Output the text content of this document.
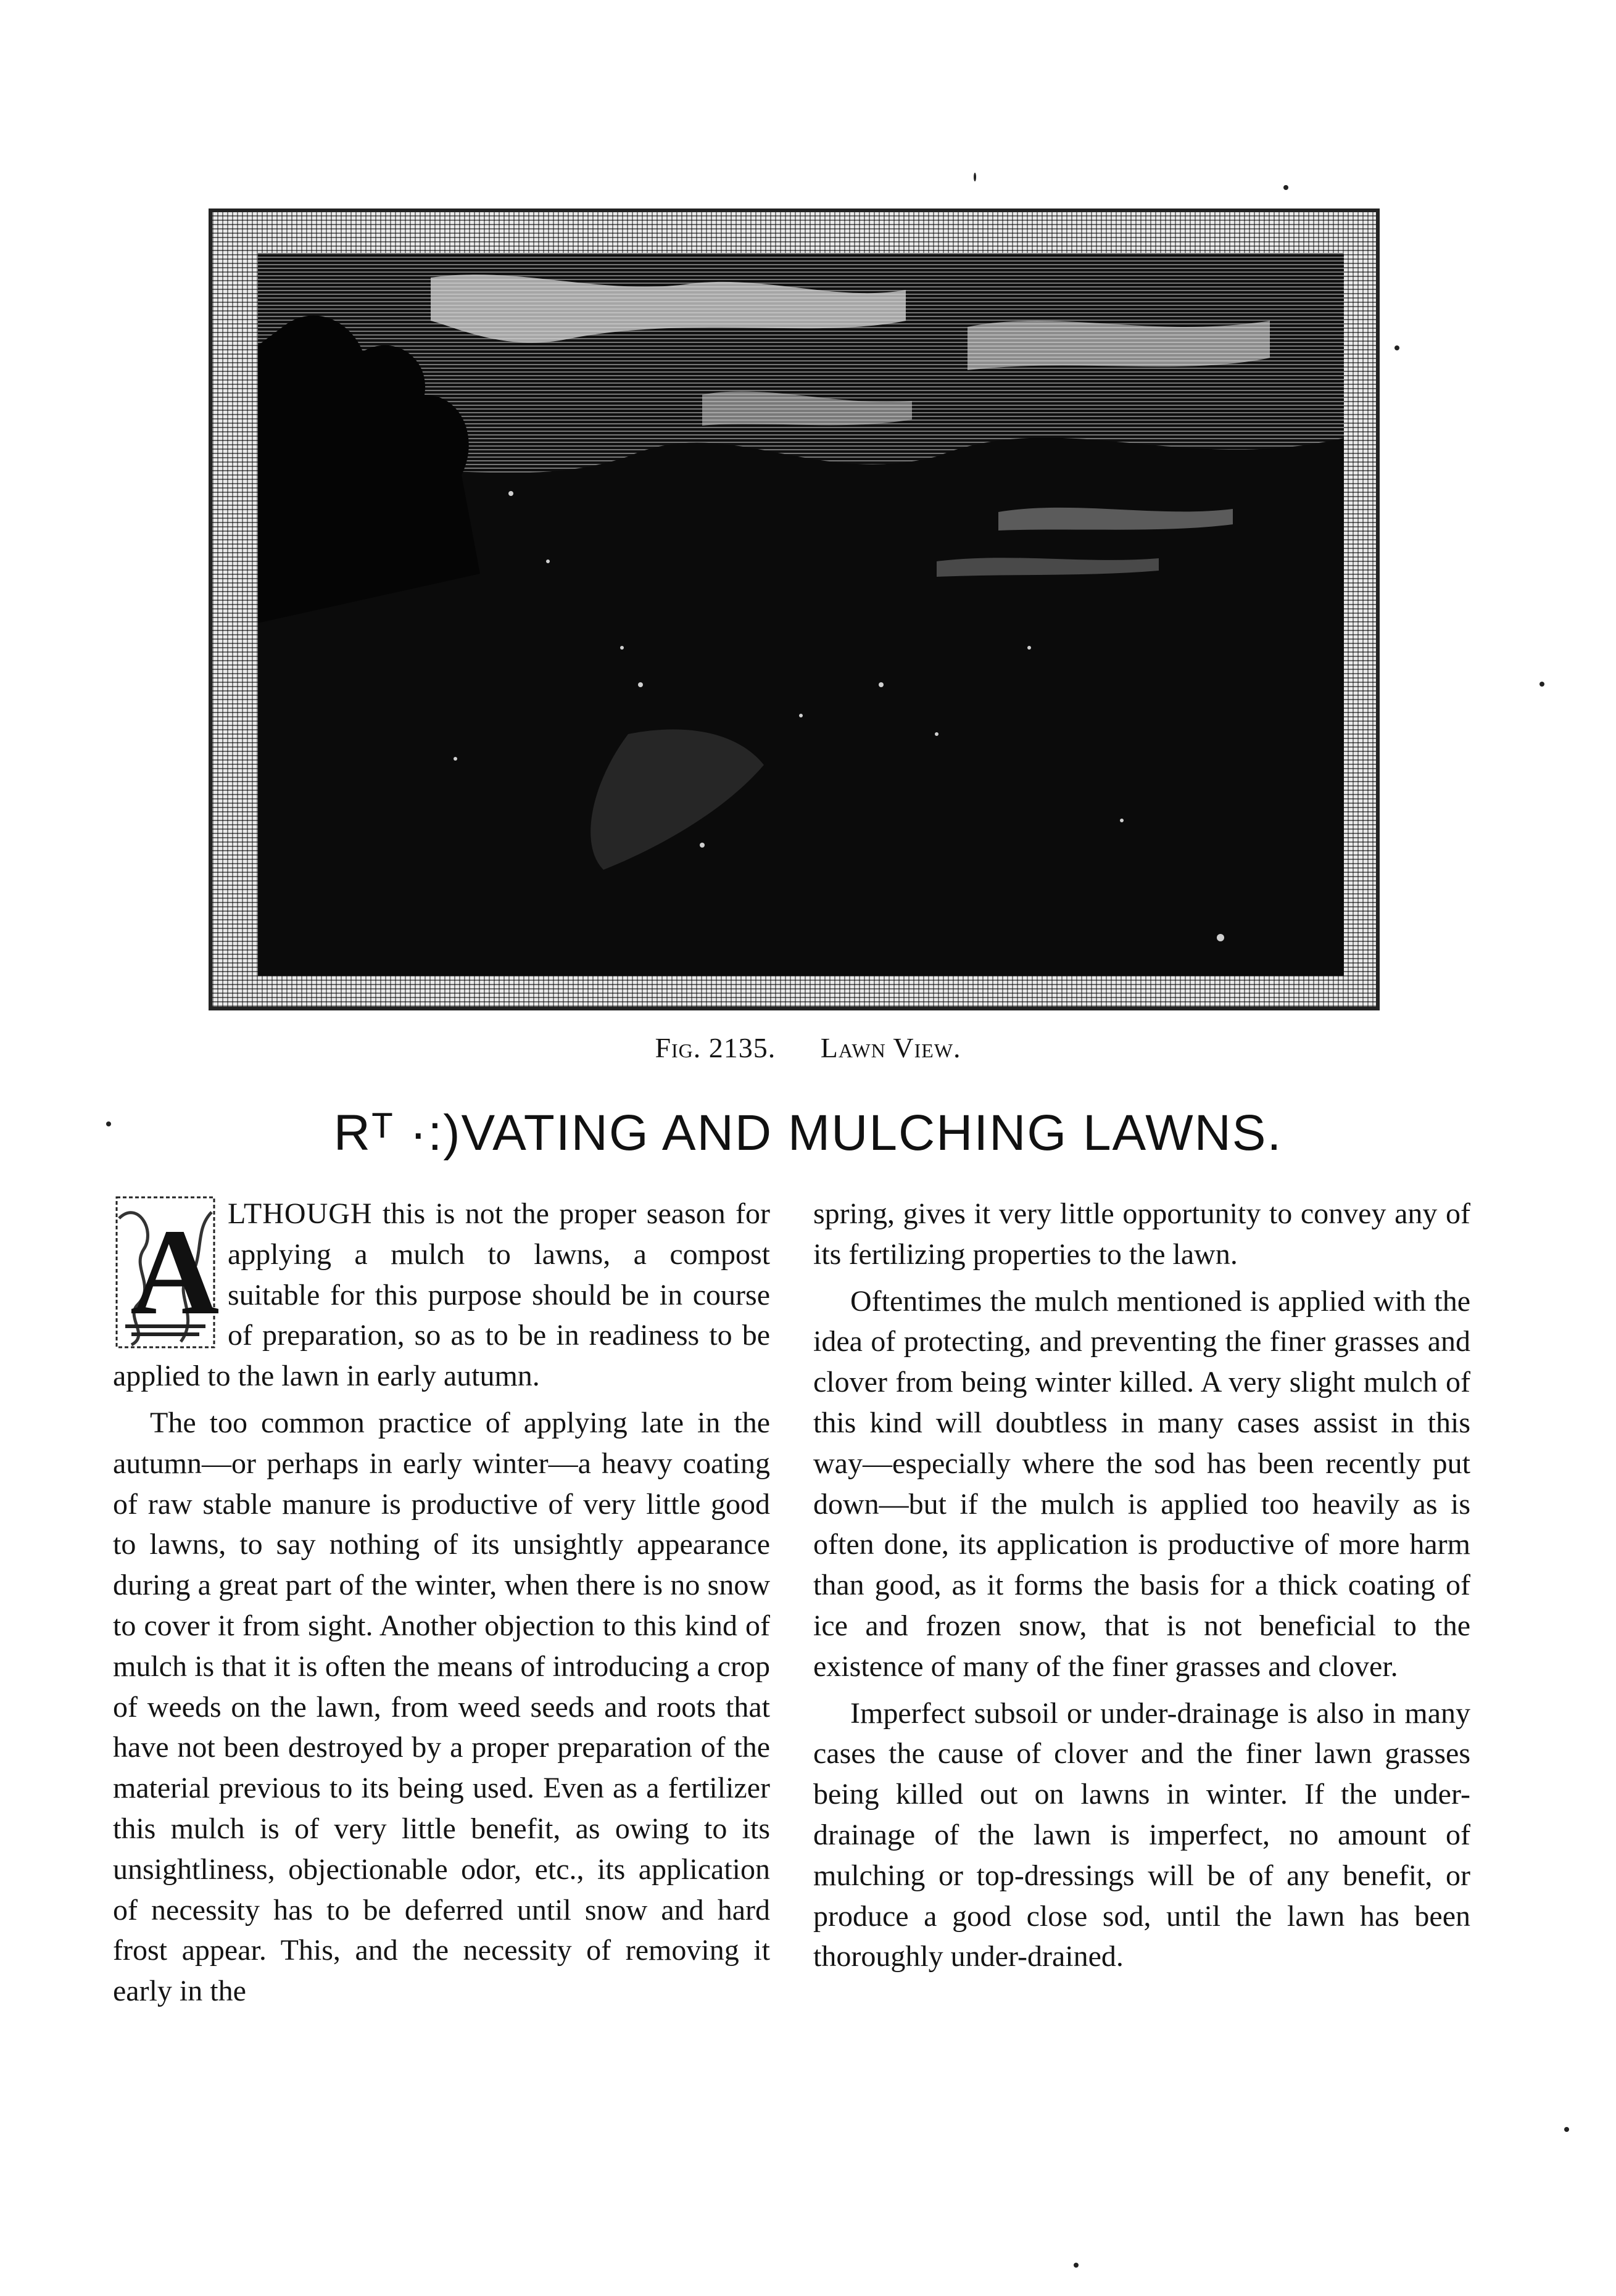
Fig. 2135. Lawn View.
Rᵀ ·:)VATING AND MULCHING LAWNS.

A LTHOUGH this is not the proper season for applying a mulch to lawns, a compost suitable for this purpose should be in course of preparation, so as to be in readiness to be applied to the lawn in early autumn.

The too common practice of applying late in the autumn—or perhaps in early winter—a heavy coating of raw stable manure is productive of very little good to lawns, to say nothing of its unsightly appearance during a great part of the winter, when there is no snow to cover it from sight. Another objection to this kind of mulch is that it is often the means of introducing a crop of weeds on the lawn, from weed seeds and roots that have not been destroyed by a proper preparation of the material previous to its being used. Even as a fertilizer this mulch is of very little benefit, as owing to its unsightliness, objectionable odor, etc., its application of necessity has to be deferred until snow and hard frost appear. This, and the necessity of removing it early in the

spring, gives it very little opportunity to convey any of its fertilizing properties to the lawn.

Oftentimes the mulch mentioned is applied with the idea of protecting, and preventing the finer grasses and clover from being winter killed. A very slight mulch of this kind will doubtless in many cases assist in this way—especially where the sod has been recently put down—but if the mulch is applied too heavily as is often done, its application is productive of more harm than good, as it forms the basis for a thick coating of ice and frozen snow, that is not beneficial to the existence of many of the finer grasses and clover.

Imperfect subsoil or under-drainage is also in many cases the cause of clover and the finer lawn grasses being killed out on lawns in winter. If the under-drainage of the lawn is imperfect, no amount of mulching or top-dressings will be of any benefit, or produce a good close sod, until the lawn has been thoroughly under-drained.
